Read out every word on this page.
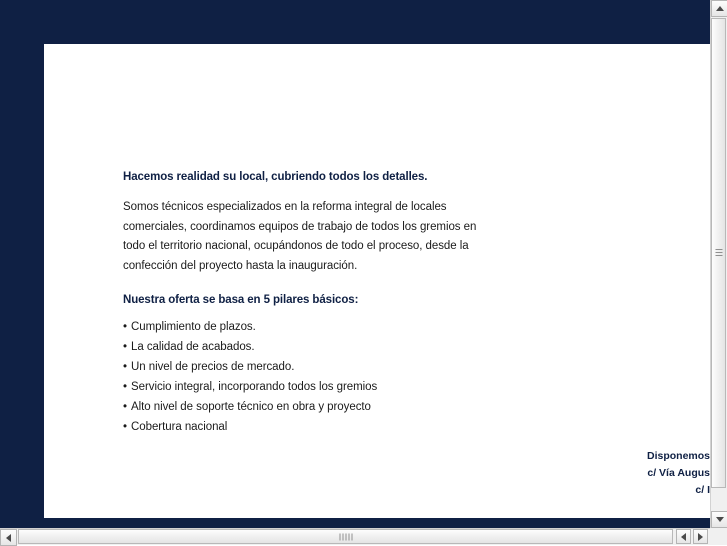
Hacemos realidad su local, cubriendo todos los detalles.

Somos técnicos especializados en la reforma integral de locales comerciales, coordinamos equipos de trabajo de todos los gremios en todo el territorio nacional, ocupándonos de todo el proceso, desde la confección del proyecto hasta la inauguración.

Nuestra oferta se basa en 5 pilares básicos:

• Cumplimiento de plazos.
• La calidad de acabados.
• Un nivel de precios de mercado.
• Servicio integral, incorporando todos los gremios
• Alto nivel de soporte técnico en obra y proyecto
• Cobertura nacional
Disponemos
c/ Vía Augus
c/ I
